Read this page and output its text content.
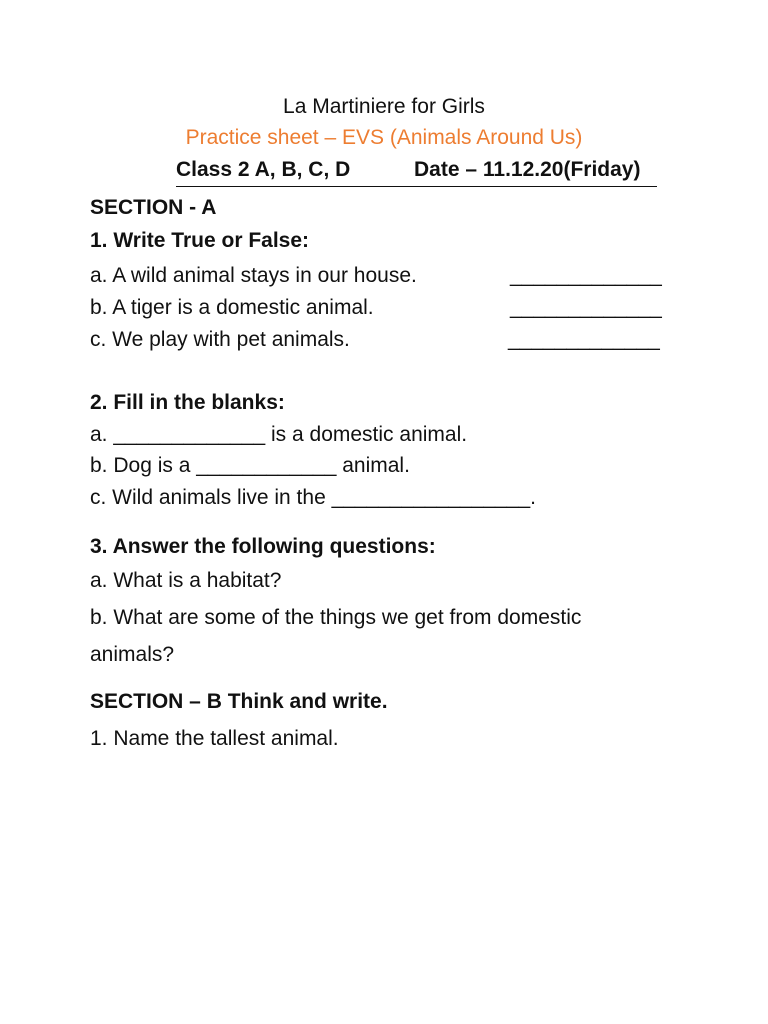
La Martiniere for Girls
Practice sheet – EVS (Animals Around Us)
Class 2 A, B, C, D	Date – 11.12.20(Friday)
SECTION - A
1. Write True or False:
a. A wild animal stays in our house.	_____________
b. A tiger is a domestic animal.	_____________
c. We play with pet animals.	_____________
2. Fill in the blanks:
a. _____________ is a domestic animal.
b. Dog is a ____________ animal.
c. Wild animals live in the _________________.
3. Answer the following questions:
a. What is a habitat?
b. What are some of the things we get from domestic
animals?
SECTION – B Think and write.
1. Name the tallest animal.
